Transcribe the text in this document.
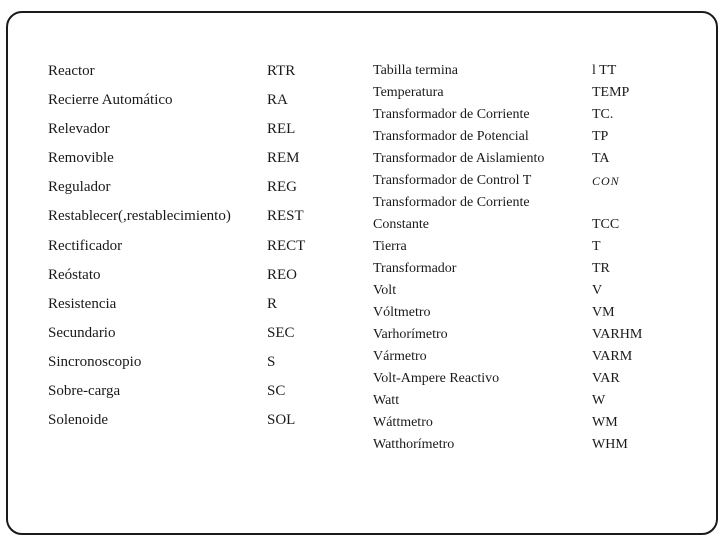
Reactor	RTR
Recierre Automático	RA
Relevador	REL
Removible	REM
Regulador	REG
Restablecer(,restablecimiento) REST
Rectificador	RECT
Reóstato	REO
Resistencia	R
Secundario	SEC
Sincronoscopio	S
Sobre-carga	SC
Solenoide	SOL
Tabilla termina	l TT
Temperatura	TEMP
Transformador de Corriente	TC.
Transformador de Potencial	TP
Transformador de Aislamiento	TA
Transformador de Control T	CON
Transformador de Corriente
Constante	TCC
Tierra	T
Transformador	TR
Volt	V
Vóltmetro	VM
Varhorímetro	VARHM
Vármetro	VARM
Volt-Ampere Reactivo	VAR
Watt	W
Wáttmetro	WM
Watthorímetro	WHM
